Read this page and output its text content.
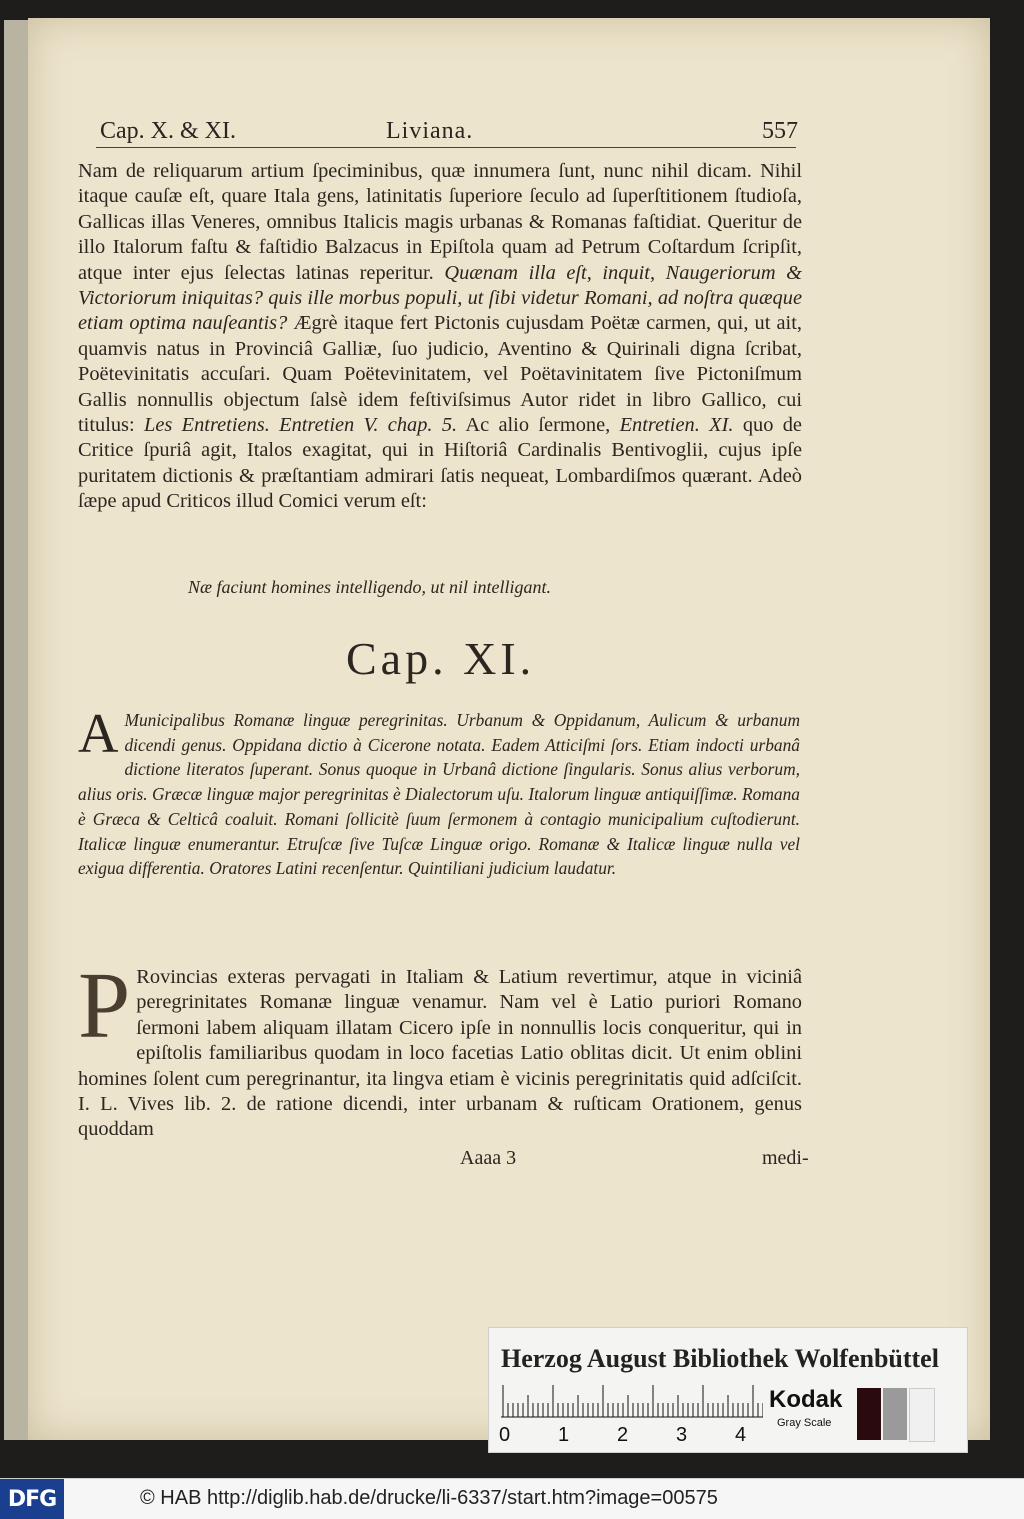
Cap. X. & XI.	Liviana.	557
Nam de reliquarum artium ſpeciminibus, quæ innumera ſunt, nunc nihil dicam. Nihil itaque cauſæ eſt, quare Itala gens, latinitatis ſuperiore ſeculo ad ſuperſtitionem ſtudioſa, Gallicas illas Veneres, omnibus Italicis magis urbanas & Romanas faſtidiat. Queritur de illo Italorum faſtu & faſtidio Balzacus in Epiſtola quam ad Petrum Coſtardum ſcripſit, atque inter ejus ſelectas latinas reperitur. Quænam illa eſt, inquit, Naugeriorum & Victoriorum iniquitas? quis ille morbus populi, ut ſibi videtur Romani, ad noſtra quæque etiam optima nauſeantis? Ægrè itaque fert Pictonis cujusdam Poëtæ carmen, qui, ut ait, quamvis natus in Provinciâ Galliæ, ſuo judicio, Aventino & Quirinali digna ſcribat, Poëtevinitatis accuſari. Quam Poëtevinitatem, vel Poëtavinitatem ſive Pictoniſmum Gallis nonnullis objectum ſalsè idem feſtiviſsimus Autor ridet in libro Gallico, cui titulus: Les Entretiens. Entretien V. chap. 5. Ac alio ſermone, Entretien. XI. quo de Critice ſpuriâ agit, Italos exagitat, qui in Hiſtoriâ Cardinalis Bentivoglii, cujus ipſe puritatem dictionis & præſtantiam admirari ſatis nequeat, Lombardiſmos quærant. Adeò ſæpe apud Criticos illud Comici verum eſt:
Næ faciunt homines intelligendo, ut nil intelligant.
Cap. XI.
A Municipalibus Romanæ linguæ peregrinitas. Urbanum & Oppidanum, Aulicum & urbanum dicendi genus. Oppidana dictio à Cicerone notata. Eadem Atticiſmi ſors. Etiam indocti urbanâ dictione literatos ſuperant. Sonus quoque in Urbanâ dictione ſingularis. Sonus alius verborum, alius oris. Græcæ linguæ major peregrinitas è Dialectorum uſu. Italorum linguæ antiquiſſimæ. Romana è Græca & Celticâ coaluit. Romani ſollicitè ſuum ſermonem à contagio municipalium cuſtodierunt. Italicæ linguæ enumerantur. Etruſcæ ſive Tuſcæ Linguæ origo. Romanæ & Italicæ linguæ nulla vel exigua differentia. Oratores Latini recenſentur. Quintiliani judicium laudatur.
P Rovincias exteras pervagati in Italiam & Latium revertimur, atque in viciniâ peregrinitates Romanæ linguæ venamur. Nam vel è Latio puriori Romano ſermoni labem aliquam illatam Cicero ipſe in nonnullis locis conqueritur, qui in epiſtolis familiaribus quodam in loco facetias Latio oblitas dicit. Ut enim oblini homines ſolent cum peregrinantur, ita lingva etiam è vicinis peregrinitatis quid adſciſcit. I. L. Vives lib. 2. de ratione dicendi, inter urbanam & ruſticam Orationem, genus quoddam
Aaaa 3	medi-
Herzog August Bibliothek Wolfenbüttel
0 1 2 3 4
Kodak
Gray Scale
DFG	© HAB http://diglib.hab.de/drucke/li-6337/start.htm?image=00575
